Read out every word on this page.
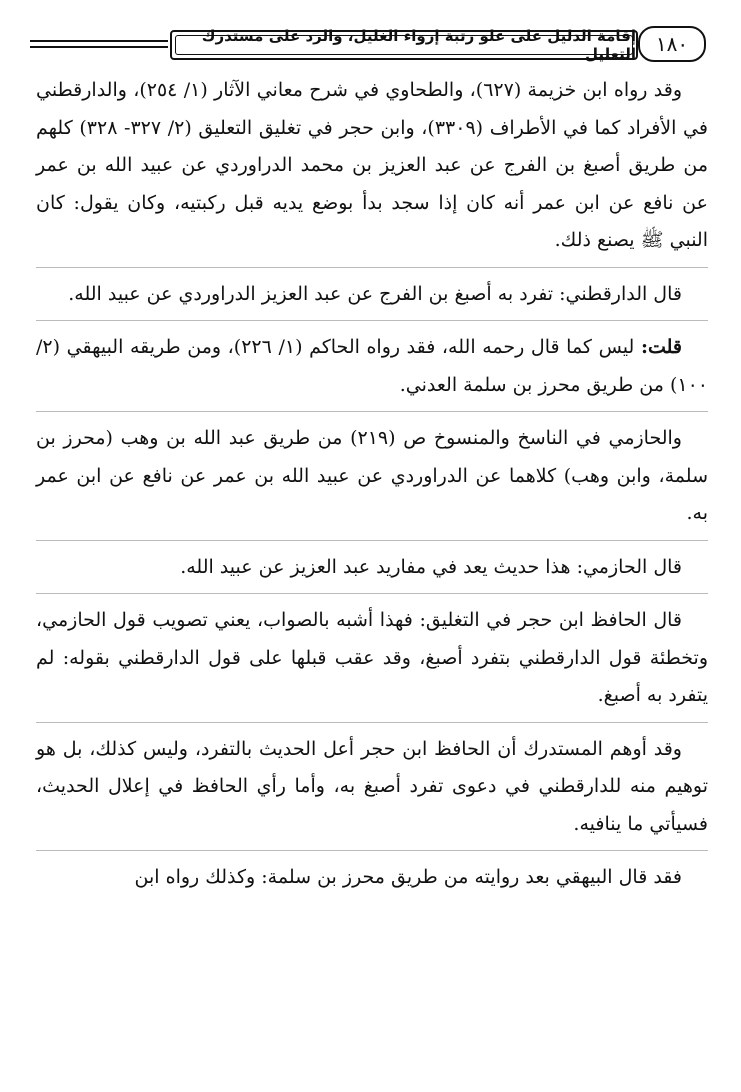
إقامة الدليل على علو رتبة إرواء الغليل، والرد على مستدرك التعليل ١٨٠

وقد رواه ابن خزيمة (٦٢٧)، والطحاوي في شرح معاني الآثار (١/ ٢٥٤)، والدارقطني في الأفراد كما في الأطراف (٣٣٠٩)، وابن حجر في تغليق التعليق (٢/ ٣٢٧- ٣٢٨) كلهم من طريق أصبغ بن الفرج عن عبد العزيز بن محمد الدراوردي عن عبيد الله بن عمر عن نافع عن ابن عمر أنه كان إذا سجد بدأ بوضع يديه قبل ركبتيه، وكان يقول: كان النبي ﷺ يصنع ذلك.

قال الدارقطني: تفرد به أصبغ بن الفرج عن عبد العزيز الدراوردي عن عبيد الله.

قلت: ليس كما قال رحمه الله، فقد رواه الحاكم (١/ ٢٢٦)، ومن طريقه البيهقي (٢/ ١٠٠) من طريق محرز بن سلمة العدني.

والحازمي في الناسخ والمنسوخ ص (٢١٩) من طريق عبد الله بن وهب (محرز بن سلمة، وابن وهب) كلاهما عن الدراوردي عن عبيد الله بن عمر عن نافع عن ابن عمر به.

قال الحازمي: هذا حديث يعد في مفاريد عبد العزيز عن عبيد الله.

قال الحافظ ابن حجر في التغليق: فهذا أشبه بالصواب، يعني تصويب قول الحازمي، وتخطئة قول الدارقطني بتفرد أصبغ، وقد عقب قبلها على قول الدارقطني بقوله: لم يتفرد به أصبغ.

وقد أوهم المستدرك أن الحافظ ابن حجر أعل الحديث بالتفرد، وليس كذلك، بل هو توهيم منه للدارقطني في دعوى تفرد أصبغ به، وأما رأي الحافظ في إعلال الحديث، فسيأتي ما ينافيه.

فقد قال البيهقي بعد روايته من طريق محرز بن سلمة: وكذلك رواه ابن
